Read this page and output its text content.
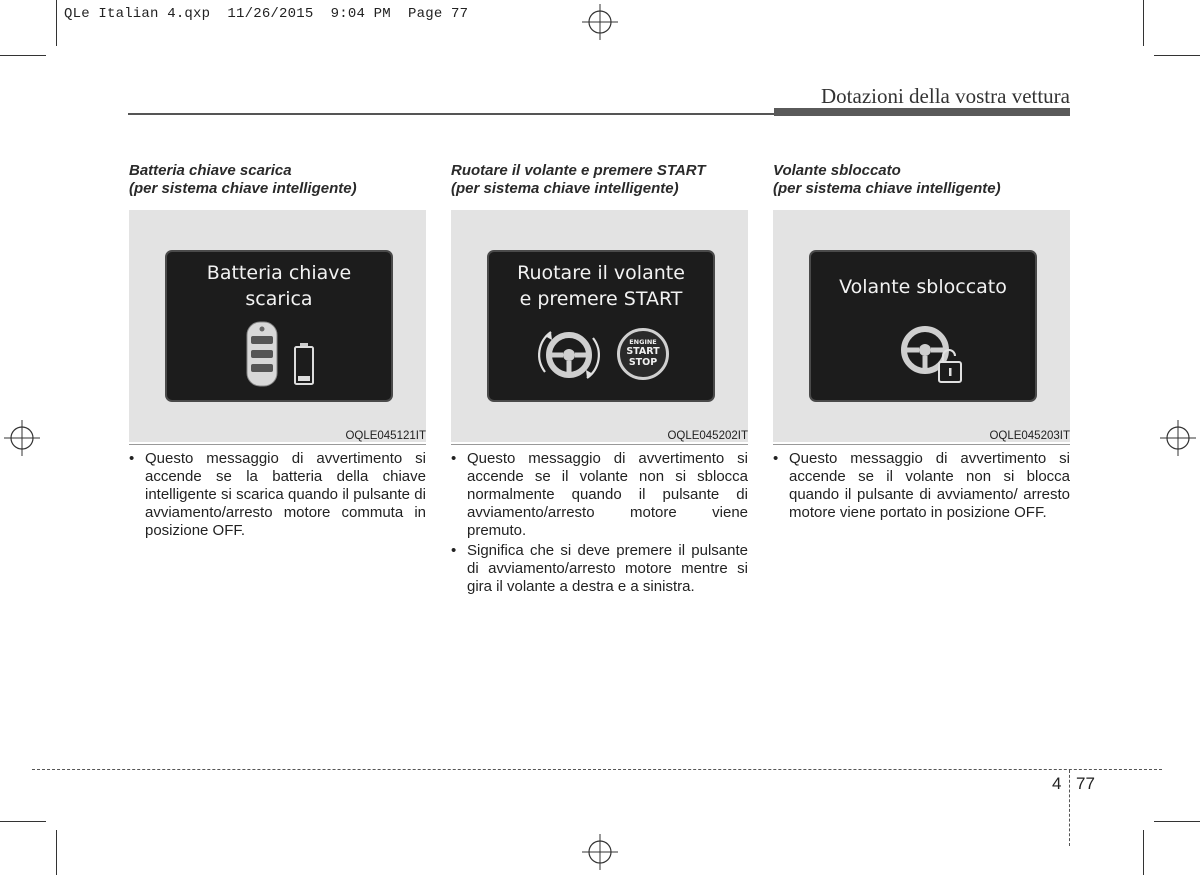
QLe Italian 4.qxp  11/26/2015  9:04 PM  Page 77
Dotazioni della vostra vettura

Batteria chiave scarica
(per sistema chiave intelligente)

Batteria chiave
scarica
OQLE045121IT
• Questo messaggio di avvertimento si accende se la batteria della chiave intelligente si scarica quando il pulsante di avviamento/arresto motore commuta in posizione OFF.

Ruotare il volante e premere START
(per sistema chiave intelligente)

Ruotare il volante
e premere START
ENGINE
START
STOP
OQLE045202IT
• Questo messaggio di avvertimento si accende se il volante non si sblocca normalmente quando il pulsante di avviamento/arresto motore viene premuto.
• Significa che si deve premere il pulsante di avviamento/arresto motore mentre si gira il volante a destra e a sinistra.

Volante sbloccato
(per sistema chiave intelligente)

Volante sbloccato
OQLE045203IT
• Questo messaggio di avvertimento si accende se il volante non si blocca quando il pulsante di avviamento/ arresto motore viene portato in posizione OFF.
4 77
